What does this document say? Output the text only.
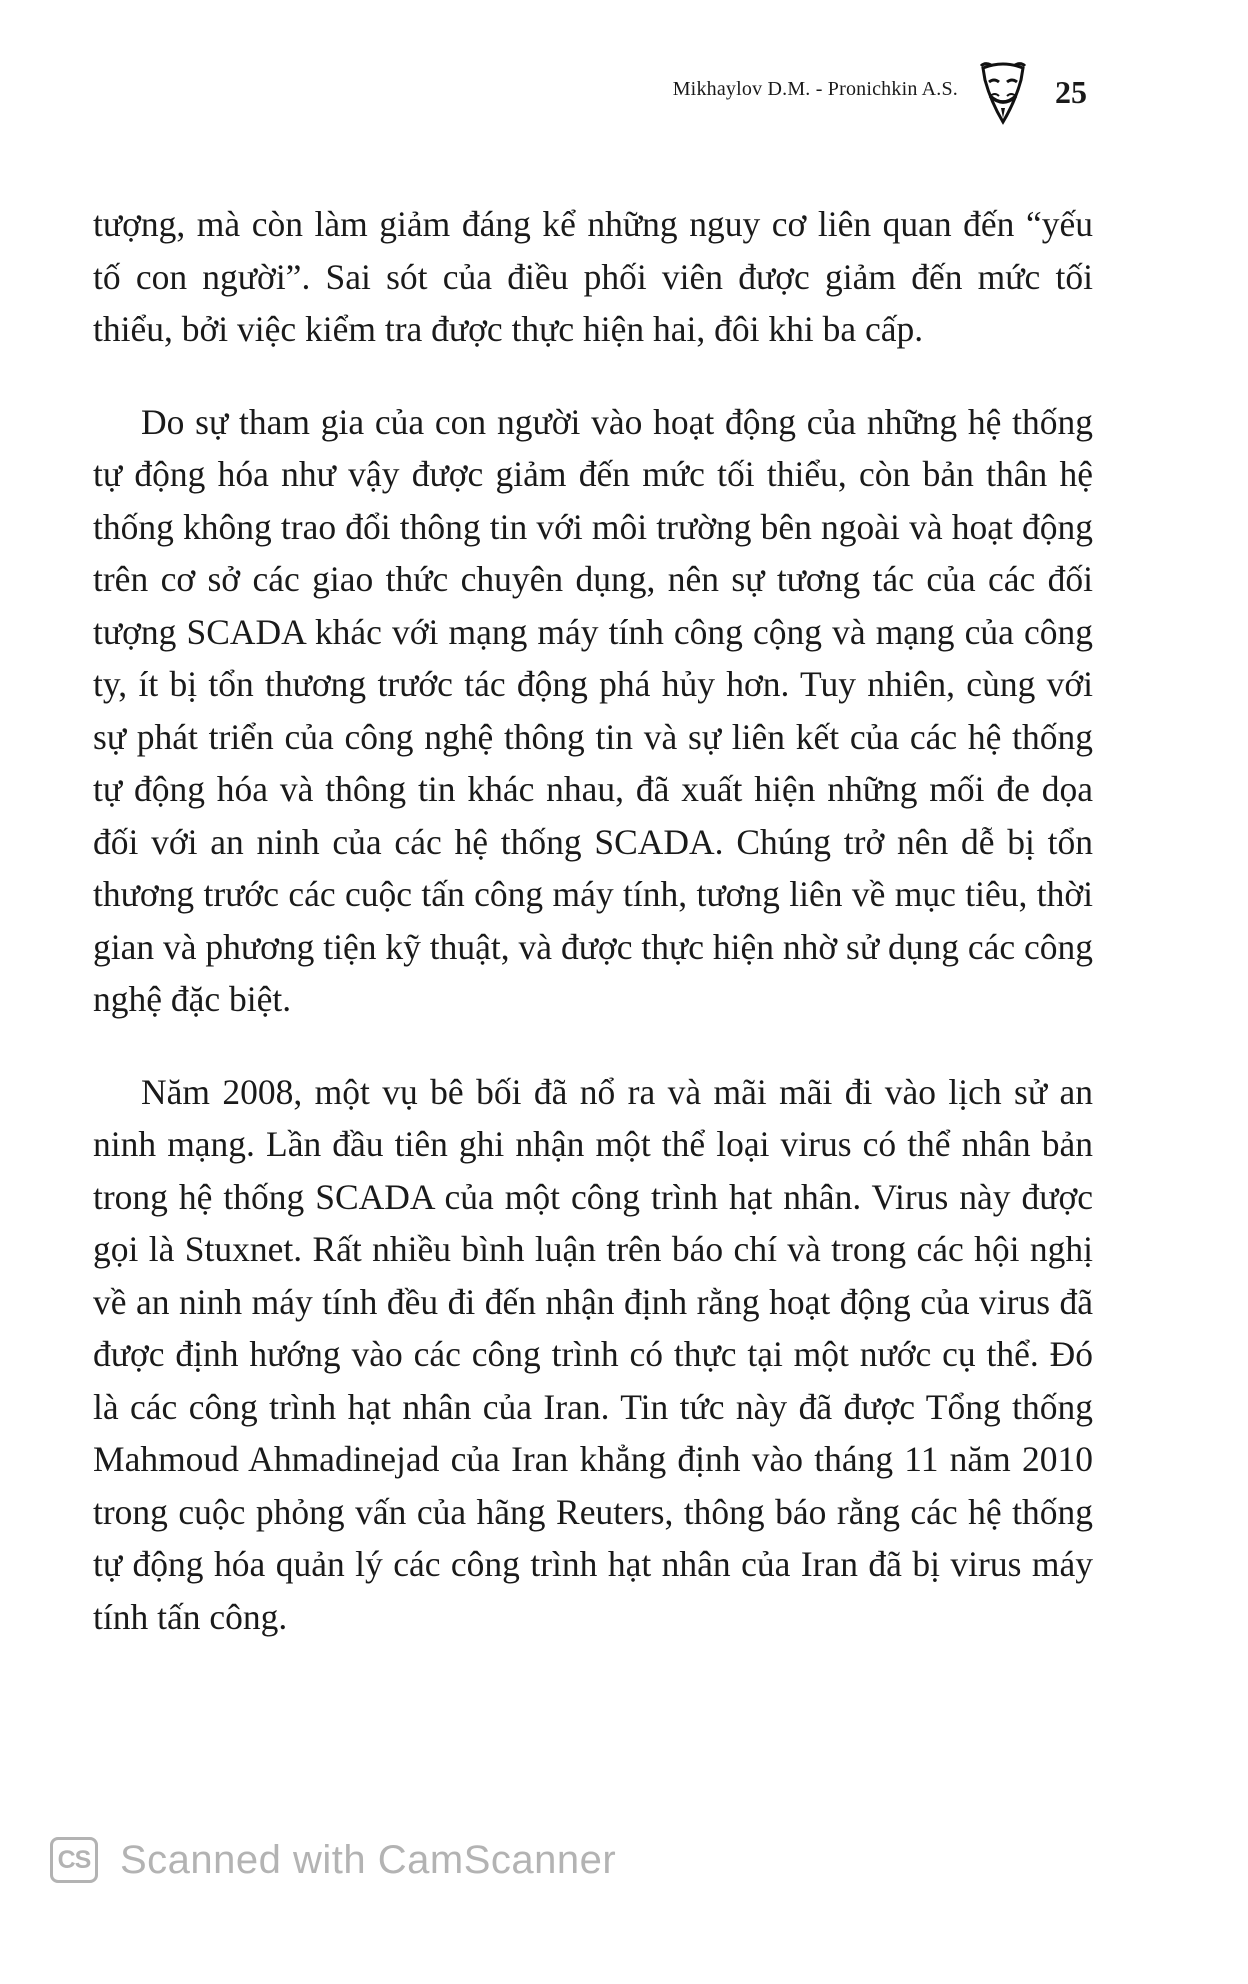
Mikhaylov D.M. - Pronichkin A.S.	25

tượng, mà còn làm giảm đáng kể những nguy cơ liên quan đến “yếu tố con người”. Sai sót của điều phối viên được giảm đến mức tối thiểu, bởi việc kiểm tra được thực hiện hai, đôi khi ba cấp.

Do sự tham gia của con người vào hoạt động của những hệ thống tự động hóa như vậy được giảm đến mức tối thiểu, còn bản thân hệ thống không trao đổi thông tin với môi trường bên ngoài và hoạt động trên cơ sở các giao thức chuyên dụng, nên sự tương tác của các đối tượng SCADA khác với mạng máy tính công cộng và mạng của công ty, ít bị tổn thương trước tác động phá hủy hơn. Tuy nhiên, cùng với sự phát triển của công nghệ thông tin và sự liên kết của các hệ thống tự động hóa và thông tin khác nhau, đã xuất hiện những mối đe dọa đối với an ninh của các hệ thống SCADA. Chúng trở nên dễ bị tổn thương trước các cuộc tấn công máy tính, tương liên về mục tiêu, thời gian và phương tiện kỹ thuật, và được thực hiện nhờ sử dụng các công nghệ đặc biệt.

Năm 2008, một vụ bê bối đã nổ ra và mãi mãi đi vào lịch sử an ninh mạng. Lần đầu tiên ghi nhận một thể loại virus có thể nhân bản trong hệ thống SCADA của một công trình hạt nhân. Virus này được gọi là Stuxnet. Rất nhiều bình luận trên báo chí và trong các hội nghị về an ninh máy tính đều đi đến nhận định rằng hoạt động của virus đã được định hướng vào các công trình có thực tại một nước cụ thể. Đó là các công trình hạt nhân của Iran. Tin tức này đã được Tổng thống Mahmoud Ahmadinejad của Iran khẳng định vào tháng 11 năm 2010 trong cuộc phỏng vấn của hãng Reuters, thông báo rằng các hệ thống tự động hóa quản lý các công trình hạt nhân của Iran đã bị virus máy tính tấn công.

CS Scanned with CamScanner
